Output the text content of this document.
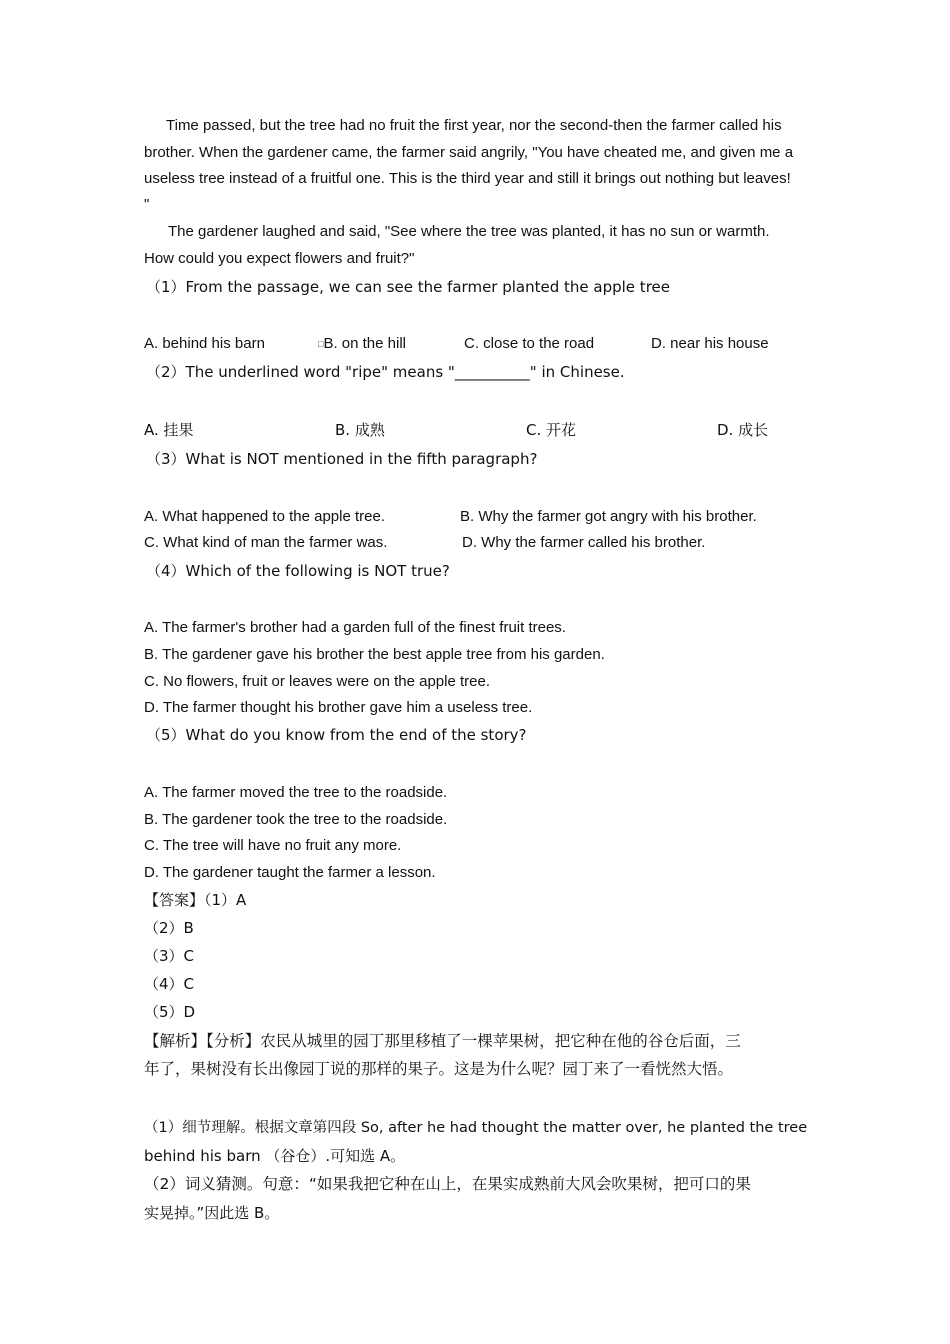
Time passed, but the tree had no fruit the first year, nor the second-then the farmer called his
brother. When the gardener came, the farmer said angrily, "You have cheated me, and given me a
useless tree instead of a fruitful one. This is the third year and still it brings out nothing but leaves!
"
The gardener laughed and said, "See where the tree was planted, it has no sun or warmth.
How could you expect flowers and fruit?"
（1）From the passage, we can see the farmer planted the apple tree
A. behind his barn	□B. on the hill	C. close to the road	D. near his house
（2）The underlined word "ripe" means "__________" in Chinese.
A. 挂果	B. 成熟	C. 开花	D. 成长
（3）What is NOT mentioned in the fifth paragraph?
A. What happened to the apple tree.	B. Why the farmer got angry with his brother.
C. What kind of man the farmer was.	D. Why the farmer called his brother.
（4）Which of the following is NOT true?
A. The farmer's brother had a garden full of the finest fruit trees.
B. The gardener gave his brother the best apple tree from his garden.
C. No flowers, fruit or leaves were on the apple tree.
D. The farmer thought his brother gave him a useless tree.
（5）What do you know from the end of the story?
A. The farmer moved the tree to the roadside.
B. The gardener took the tree to the roadside.
C. The tree will have no fruit any more.
D. The gardener taught the farmer a lesson.
【答案】（1）A
（2）B
（3）C
（4）C
（5）D
【解析】【分析】农民从城里的园丁那里移植了一棵苹果树，把它种在他的谷仓后面，三
年了，果树没有长出像园丁说的那样的果子。这是为什么呢？园丁来了一看恍然大悟。
（1）细节理解。根据文章第四段 So, after he had thought the matter over, he planted the tree
behind his barn （谷仓）.可知选 A。
（2）词义猜测。句意：“如果我把它种在山上，在果实成熟前大风会吹果树，把可口的果
实晃掉。”因此选 B。
